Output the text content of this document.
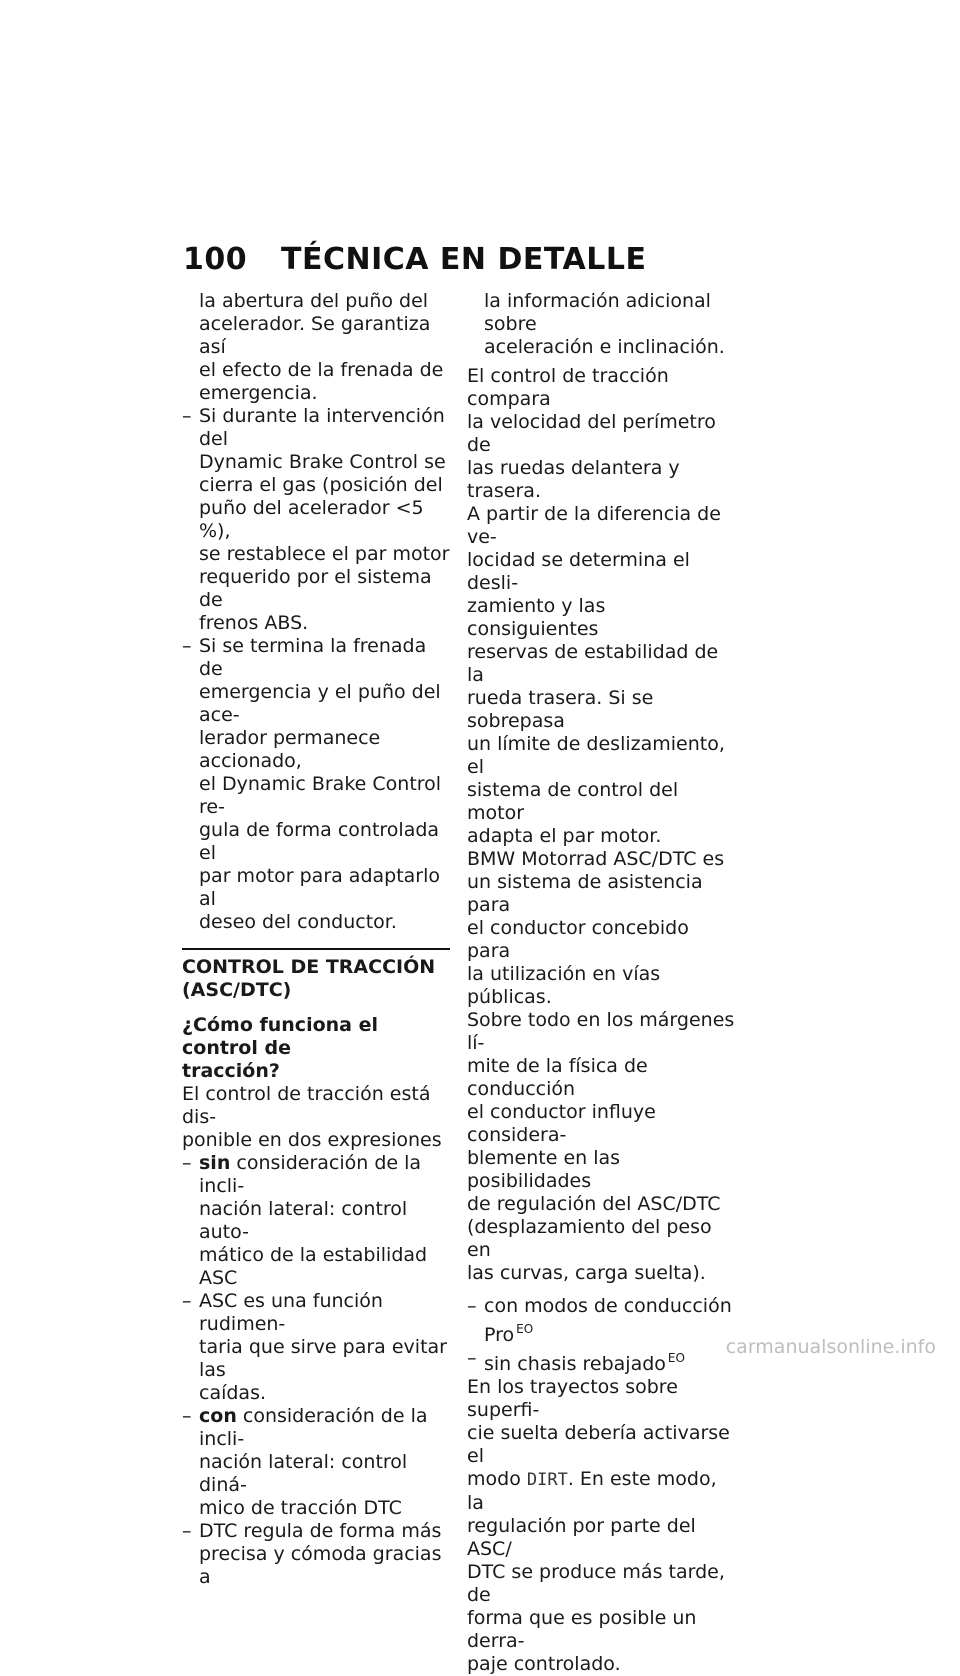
100 TÉCNICA EN DETALLE
la abertura del puño del
acelerador. Se garantiza así
el efecto de la frenada de
emergencia.
– Si durante la intervención del
Dynamic Brake Control se
cierra el gas (posición del
puño del acelerador <5 %),
se restablece el par motor
requerido por el sistema de
frenos ABS.
– Si se termina la frenada de
emergencia y el puño del ace-
lerador permanece accionado,
el Dynamic Brake Control re-
gula de forma controlada el
par motor para adaptarlo al
deseo del conductor.
CONTROL DE TRACCIÓN
(ASC/DTC)
¿Cómo funciona el control de
tracción?
El control de tracción está dis-
ponible en dos expresiones
– sin consideración de la incli-
nación lateral: control auto-
mático de la estabilidad ASC
– ASC es una función rudimen-
taria que sirve para evitar las
caídas.
– con consideración de la incli-
nación lateral: control diná-
mico de tracción DTC
– DTC regula de forma más
precisa y cómoda gracias a
la información adicional sobre
aceleración e inclinación.
El control de tracción compara
la velocidad del perímetro de
las ruedas delantera y trasera.
A partir de la diferencia de ve-
locidad se determina el desli-
zamiento y las consiguientes
reservas de estabilidad de la
rueda trasera. Si se sobrepasa
un límite de deslizamiento, el
sistema de control del motor
adapta el par motor.
BMW Motorrad ASC/DTC es
un sistema de asistencia para
el conductor concebido para
la utilización en vías públicas.
Sobre todo en los márgenes lí-
mite de la física de conducción
el conductor influye considera-
blemente en las posibilidades
de regulación del ASC/DTC
(desplazamiento del peso en
las curvas, carga suelta).
– con modos de conducción
Pro $^{EO}$
– sin chasis rebajado $^{EO}$
En los trayectos sobre superfi-
cie suelta debería activarse el
modo DIRT. En este modo, la
regulación por parte del ASC/
DTC se produce más tarde, de
forma que es posible un derra-
paje controlado.
carmanualsonline.info
